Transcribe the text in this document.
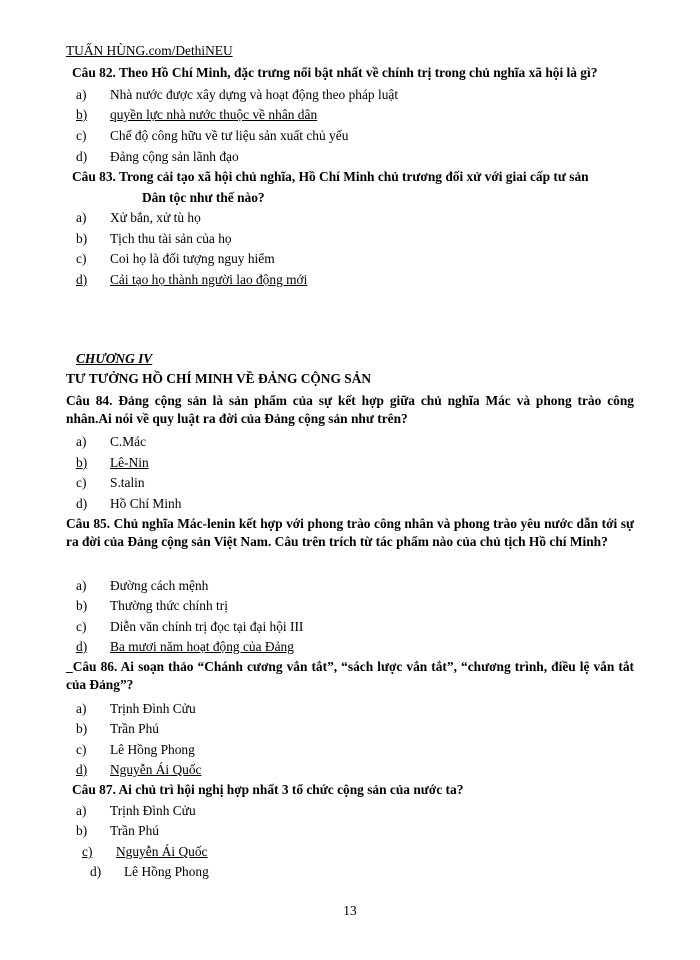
TUẤN HÙNG.com/DethiNEU
Câu 82. Theo Hồ Chí Minh, đặc trưng nổi bật nhất về chính trị trong chủ nghĩa xã hội là gì?
a) Nhà nước được xây dựng và hoạt động theo pháp luật
b)	quyền lực nhà nước thuộc về nhân dân
c) Chế độ công hữu về tư liệu sản xuất chủ yếu
d) Đảng cộng sản lãnh đạo
Câu 83. Trong cải tạo xã hội chủ nghĩa, Hồ Chí Minh chủ trương đối xử với giai cấp tư sản
Dân tộc như thế nào?
a) Xử bắn, xử tù họ
b) Tịch thu tài sản của họ
c) Coi họ là đối tượng nguy hiểm
d)	Cải tạo họ thành người lao động mới
CHƯƠNG IV
TƯ TƯỞNG HỒ CHÍ MINH VỀ ĐẢNG CỘNG SẢN
Câu 84. Đảng cộng sản là sản phẩm của sự kết hợp giữa chủ nghĩa Mác và phong trào công nhân.Ai nói về quy luật ra đời của Đảng cộng sản như trên?
a) C.Mác
b)	Lê-Nin
c) S.talin
d) Hồ Chí Minh
Câu 85. Chủ nghĩa Mác-lenin kết hợp với phong trào công nhân và phong trào yêu nước dẫn tới sự ra đời của Đảng cộng sản Việt Nam. Câu trên trích từ tác phẩm nào của chủ tịch Hồ chí Minh?
a) Đường cách mệnh
b) Thường thức chính trị
c) Diễn văn chính trị đọc tại đại hội III
d)	Ba mươi năm hoạt động của Đảng
_Câu 86. Ai soạn thảo “Chánh cương vắn tắt”, “sách lược vắn tắt”, “chương trình, điều lệ vắn tắt của Đảng”?
a) Trịnh Đình Cửu
b) Trần Phú
c) Lê Hồng Phong
d)	Nguyễn Ái Quốc
Câu 87. Ai chủ trì hội nghị hợp nhất 3 tổ chức cộng sản của nước ta?
a) Trịnh Đình Cửu
b) Trần Phú
c)	Nguyễn Ái Quốc
d) Lê Hồng Phong
13
